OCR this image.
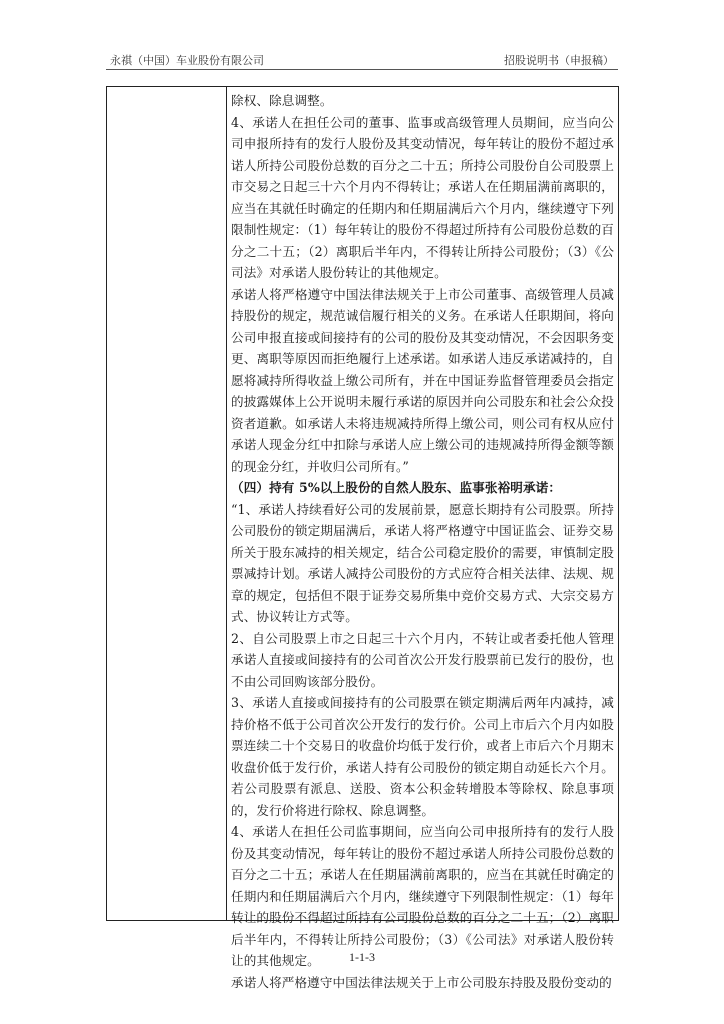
永祺（中国）车业股份有限公司	招股说明书（申报稿）

除权、除息调整。

4、承诺人在担任公司的董事、监事或高级管理人员期间，应当向公司申报所持有的发行人股份及其变动情况，每年转让的股份不超过承诺人所持公司股份总数的百分之二十五；所持公司股份自公司股票上市交易之日起三十六个月内不得转让；承诺人在任期届满前离职的，应当在其就任时确定的任期内和任期届满后六个月内，继续遵守下列限制性规定：（1）每年转让的股份不得超过所持有公司股份总数的百分之二十五；（2）离职后半年内，不得转让所持公司股份；（3）《公司法》对承诺人股份转让的其他规定。

承诺人将严格遵守中国法律法规关于上市公司董事、高级管理人员减持股份的规定，规范诚信履行相关的义务。在承诺人任职期间，将向公司申报直接或间接持有的公司的股份及其变动情况，不会因职务变更、离职等原因而拒绝履行上述承诺。如承诺人违反承诺减持的，自愿将减持所得收益上缴公司所有，并在中国证券监督管理委员会指定的披露媒体上公开说明未履行承诺的原因并向公司股东和社会公众投资者道歉。如承诺人未将违规减持所得上缴公司，则公司有权从应付承诺人现金分红中扣除与承诺人应上缴公司的违规减持所得金额等额的现金分红，并收归公司所有。”

（四）持有 5%以上股份的自然人股东、监事张裕明承诺：

“1、承诺人持续看好公司的发展前景，愿意长期持有公司股票。所持公司股份的锁定期届满后，承诺人将严格遵守中国证监会、证券交易所关于股东减持的相关规定，结合公司稳定股价的需要，审慎制定股票减持计划。承诺人减持公司股份的方式应符合相关法律、法规、规章的规定，包括但不限于证券交易所集中竞价交易方式、大宗交易方式、协议转让方式等。

2、自公司股票上市之日起三十六个月内，不转让或者委托他人管理承诺人直接或间接持有的公司首次公开发行股票前已发行的股份，也不由公司回购该部分股份。

3、承诺人直接或间接持有的公司股票在锁定期满后两年内减持，减持价格不低于公司首次公开发行的发行价。公司上市后六个月内如股票连续二十个交易日的收盘价均低于发行价，或者上市后六个月期末收盘价低于发行价，承诺人持有公司股份的锁定期自动延长六个月。若公司股票有派息、送股、资本公积金转增股本等除权、除息事项的，发行价将进行除权、除息调整。

4、承诺人在担任公司监事期间，应当向公司申报所持有的发行人股份及其变动情况，每年转让的股份不超过承诺人所持公司股份总数的百分之二十五；承诺人在任期届满前离职的，应当在其就任时确定的任期内和任期届满后六个月内，继续遵守下列限制性规定：（1）每年转让的股份不得超过所持有公司股份总数的百分之二十五；（2）离职后半年内，不得转让所持公司股份；（3）《公司法》对承诺人股份转让的其他规定。

承诺人将严格遵守中国法律法规关于上市公司股东持股及股份变动的

1-1-3
